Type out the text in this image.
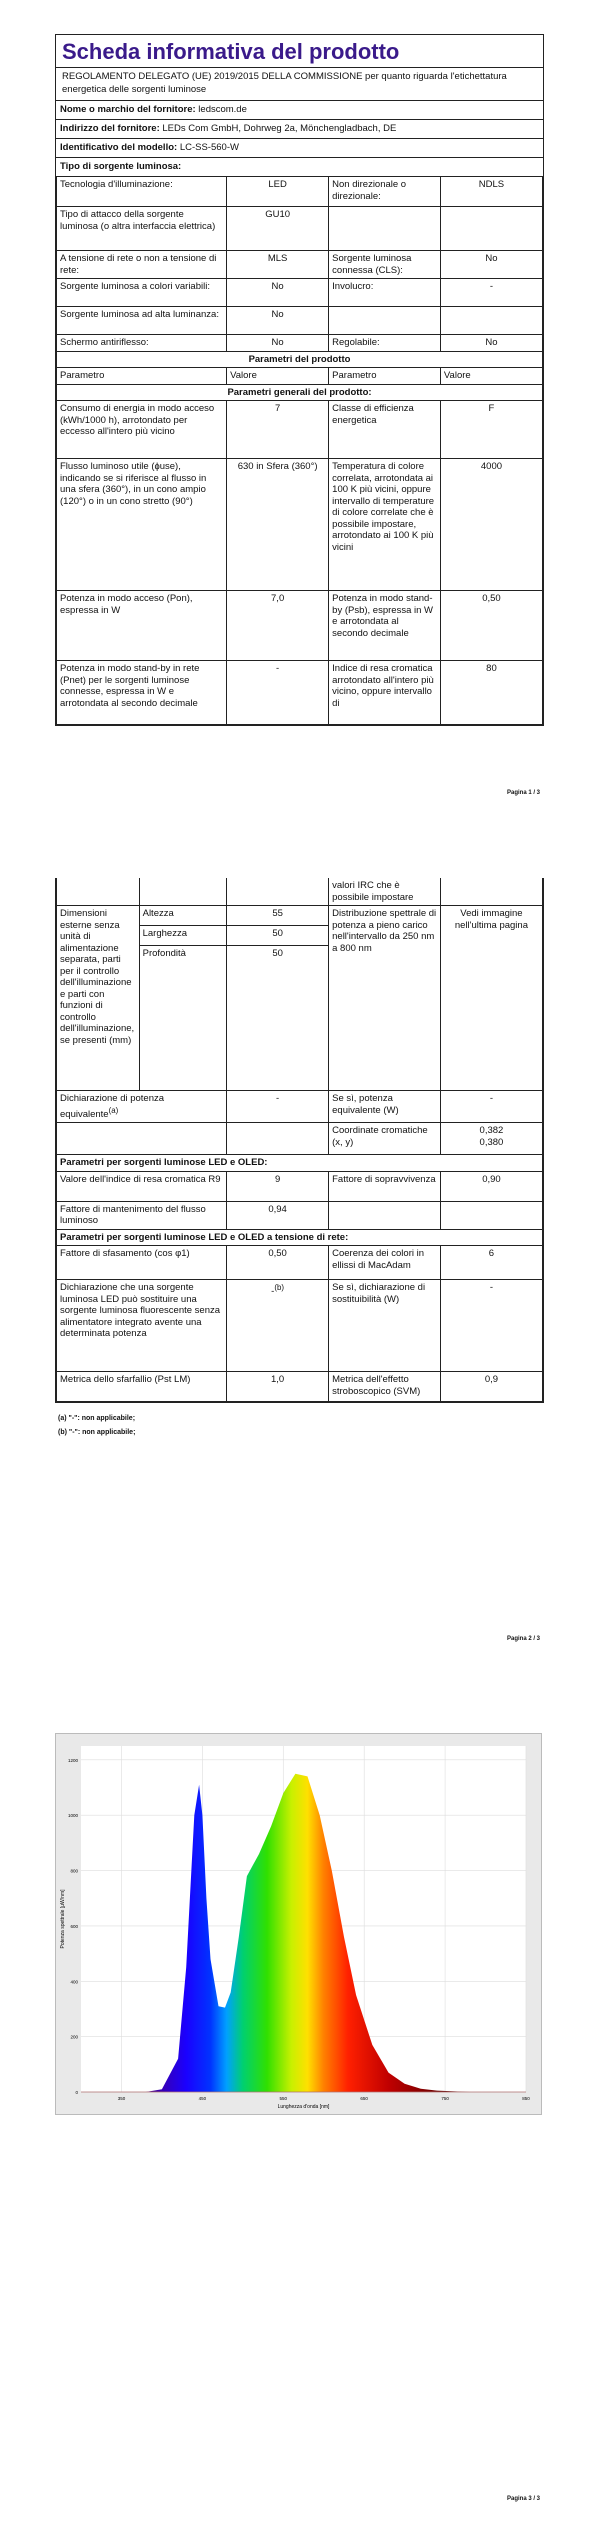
Scheda informativa del prodotto
REGOLAMENTO DELEGATO (UE) 2019/2015 DELLA COMMISSIONE per quanto riguarda l'etichettatura energetica delle sorgenti luminose
Nome o marchio del fornitore: ledscom.de
Indirizzo del fornitore: LEDs Com GmbH, Dohrweg 2a, Mönchengladbach, DE
Identificativo del modello: LC-SS-560-W
Tipo di sorgente luminosa:
Tecnologia d'illuminazione:	LED	Non direzionale o direzionale:	NDLS
Tipo di attacco della sorgente luminosa (o altra interfaccia elettrica)	GU10		
A tensione di rete o non a tensione di rete:	MLS	Sorgente luminosa connessa (CLS):	No
Sorgente luminosa a colori variabili:	No	Involucro:	-
Sorgente luminosa ad alta luminanza:	No		
Schermo antiriflesso:	No	Regolabile:	No
Parametri del prodotto			
Parametro	Valore	Parametro	Valore
Parametri generali del prodotto:			
Consumo di energia in modo acceso (kWh/1000 h), arrotondato per eccesso all'intero più vicino	7	Classe di efficienza energetica	F
Flusso luminoso utile (ɸuse), indicando se si riferisce al flusso in una sfera (360°), in un cono ampio (120°) o in un cono stretto (90°)	630 in Sfera (360°)	Temperatura di colore correlata, arrotondata ai 100 K più vicini, oppure intervallo di temperature di colore correlate che è possibile impostare, arrotondato ai 100 K più vicini	4000
Potenza in modo acceso (Pon), espressa in W	7,0	Potenza in modo stand-by (Psb), espressa in W e arrotondata al secondo decimale	0,50
Potenza in modo stand-by in rete (Pnet) per le sorgenti luminose connesse, espressa in W e arrotondata al secondo decimale	-	Indice di resa cromatica arrotondato all'intero più vicino, oppure intervallo di	80
Pagina 1 / 3
			valori IRC che è possibile impostare	
Dimensioni esterne senza unità di alimentazione separata, parti per il controllo dell'illuminazione e parti con funzioni di controllo dell'illuminazione, se presenti (mm)	Altezza	55	Distribuzione spettrale di potenza a pieno carico nell'intervallo da 250 nm a 800 nm	Vedi immagine nell'ultima pagina
	Larghezza	50		
	Profondità	50		
Dichiarazione di potenza equivalente$^{(a)}$		-	Se sì, potenza equivalente (W)	-
			Coordinate cromatiche (x, y)	0,382
0,380
Parametri per sorgenti luminose LED e OLED:				
Valore dell'indice di resa cromatica R9		9	Fattore di sopravvivenza	0,90
Fattore di mantenimento del flusso luminoso		0,94		
Parametri per sorgenti luminose LED e OLED a tensione di rete:				
Fattore di sfasamento (cos φ1)		0,50	Coerenza dei colori in ellissi di MacAdam	6
Dichiarazione che una sorgente luminosa LED può sostituire una sorgente luminosa fluorescente senza alimentatore integrato avente una determinata potenza		-$^{(b)}$	Se sì, dichiarazione di sostituibilità (W)	-
Metrica dello sfarfallio (Pst LM)		1,0	Metrica dell'effetto stroboscopico (SVM)	0,9
(a) "-": non applicabile;
(b) "-": non applicabile;
Pagina 2 / 3
0
200
400
600
800
1000
1200
350	450	550	650	750	850
Lunghezza d'onda [nm]
Potenza spettrale [μW/nm]
Pagina 3 / 3
